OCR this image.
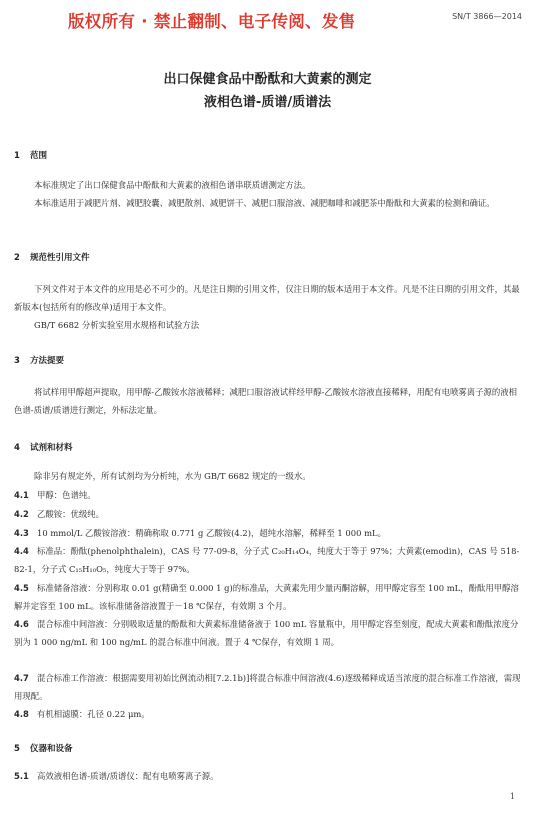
版权所有 · 禁止翻制、电子传阅、发售	SN/T 3866—2014
出口保健食品中酚酞和大黄素的测定
液相色谱-质谱/质谱法
1 范围
本标准规定了出口保健食品中酚酞和大黄素的液相色谱串联质谱测定方法。
本标准适用于减肥片剂、减肥胶囊、减肥散剂、减肥饼干、减肥口服溶液、减肥咖啡和减肥茶中酚酞和大黄素的检测和确证。
2 规范性引用文件
下列文件对于本文件的应用是必不可少的。凡是注日期的引用文件，仅注日期的版本适用于本文件。凡是不注日期的引用文件，其最新版本(包括所有的修改单)适用于本文件。
GB/T 6682 分析实验室用水规格和试验方法
3 方法提要
将试样用甲醇超声提取，用甲醇-乙酸铵水溶液稀释；减肥口服溶液试样经甲醇-乙酸铵水溶液直接稀释，用配有电喷雾离子源的液相色谱-质谱/质谱进行测定，外标法定量。
4 试剂和材料
除非另有规定外，所有试剂均为分析纯，水为 GB/T 6682 规定的一级水。
4.1 甲醇：色谱纯。
4.2 乙酸铵：优级纯。
4.3 10 mmol/L 乙酸铵溶液：精确称取 0.771 g 乙酸铵(4.2)，超纯水溶解，稀释至 1 000 mL。
4.4 标准品：酚酞(phenolphthalein)，CAS 号 77-09-8，分子式 C₂₀H₁₄O₄，纯度大于等于 97%；大黄素(emodin)，CAS 号 518-82-1，分子式 C₁₅H₁₀O₅，纯度大于等于 97%。
4.5 标准储备溶液：分别称取 0.01 g(精确至 0.000 1 g)的标准品，大黄素先用少量丙酮溶解，用甲醇定容至 100 mL，酚酞用甲醇溶解并定容至 100 mL。该标准储备溶液置于－18 ℃保存，有效期 3 个月。
4.6 混合标准中间溶液：分别吸取适量的酚酞和大黄素标准储备液于 100 mL 容量瓶中，用甲醇定容至刻度，配成大黄素和酚酞浓度分别为 1 000 ng/mL 和 100 ng/mL 的混合标准中间液。置于 4 ℃保存，有效期 1 周。
4.7 混合标准工作溶液：根据需要用初始比例流动相[7.2.1b)]将混合标准中间溶液(4.6)逐级稀释成适当浓度的混合标准工作溶液，需现用现配。
4.8 有机相滤膜：孔径 0.22 μm。
5 仪器和设备
5.1 高效液相色谱-质谱/质谱仪：配有电喷雾离子源。
1
